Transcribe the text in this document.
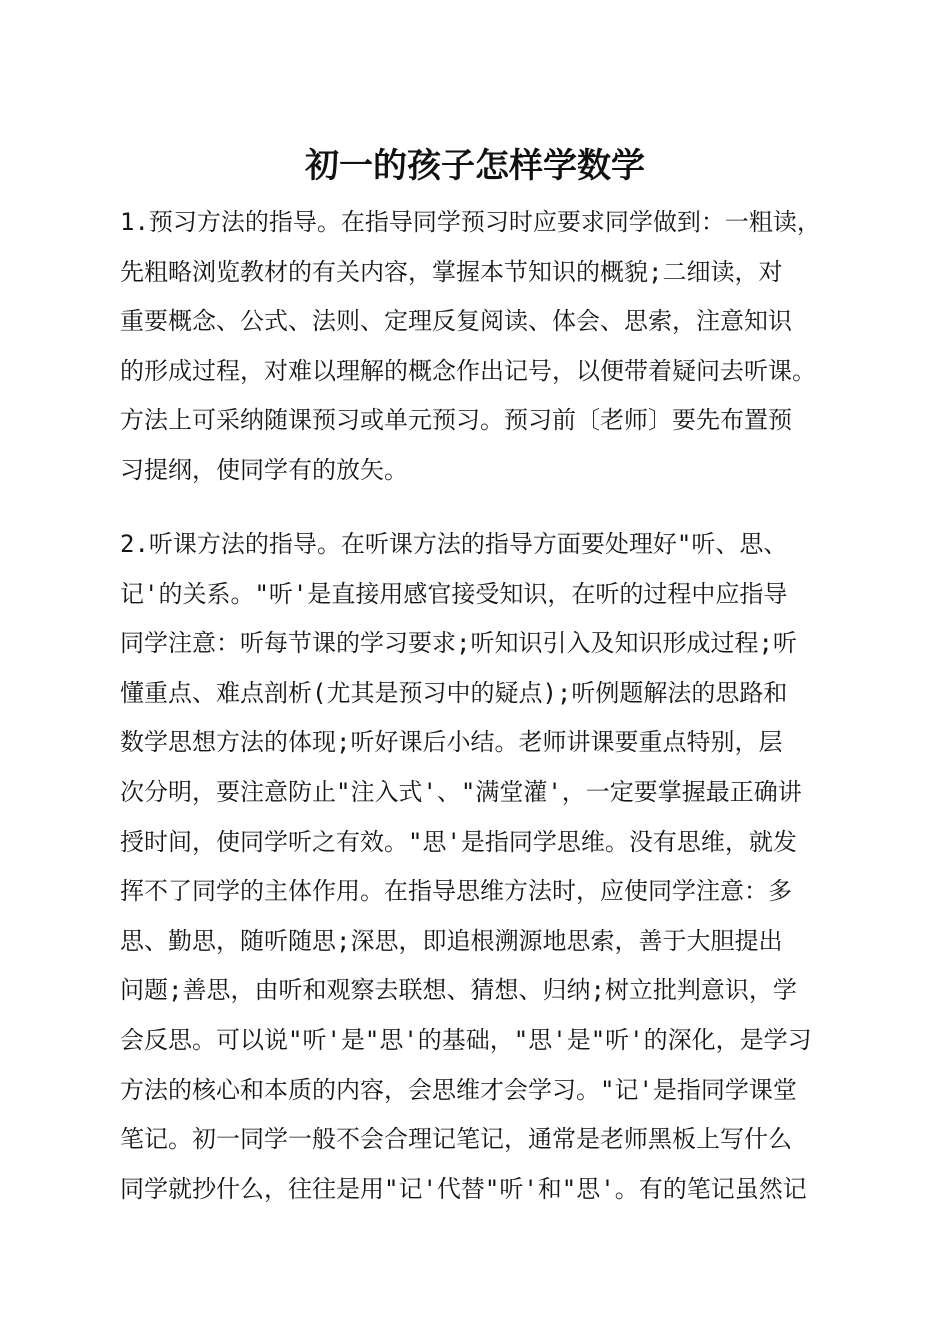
初一的孩子怎样学数学
1.预习方法的指导。在指导同学预习时应要求同学做到：一粗读，
先粗略浏览教材的有关内容，掌握本节知识的概貌;二细读，对
重要概念、公式、法则、定理反复阅读、体会、思索，注意知识
的形成过程，对难以理解的概念作出记号，以便带着疑问去听课。
方法上可采纳随课预习或单元预习。预习前〔老师〕要先布置预
习提纲，使同学有的放矢。
2.听课方法的指导。在听课方法的指导方面要处理好"听、思、
记'的关系。"听'是直接用感官接受知识，在听的过程中应指导
同学注意：听每节课的学习要求;听知识引入及知识形成过程;听
懂重点、难点剖析(尤其是预习中的疑点);听例题解法的思路和
数学思想方法的体现;听好课后小结。老师讲课要重点特别，层
次分明，要注意防止"注入式'、"满堂灌'，一定要掌握最正确讲
授时间，使同学听之有效。"思'是指同学思维。没有思维，就发
挥不了同学的主体作用。在指导思维方法时，应使同学注意：多
思、勤思，随听随思;深思，即追根溯源地思索，善于大胆提出
问题;善思，由听和观察去联想、猜想、归纳;树立批判意识，学
会反思。可以说"听'是"思'的基础，"思'是"听'的深化，是学习
方法的核心和本质的内容，会思维才会学习。"记'是指同学课堂
笔记。初一同学一般不会合理记笔记，通常是老师黑板上写什么
同学就抄什么，往往是用"记'代替"听'和"思'。有的笔记虽然记
